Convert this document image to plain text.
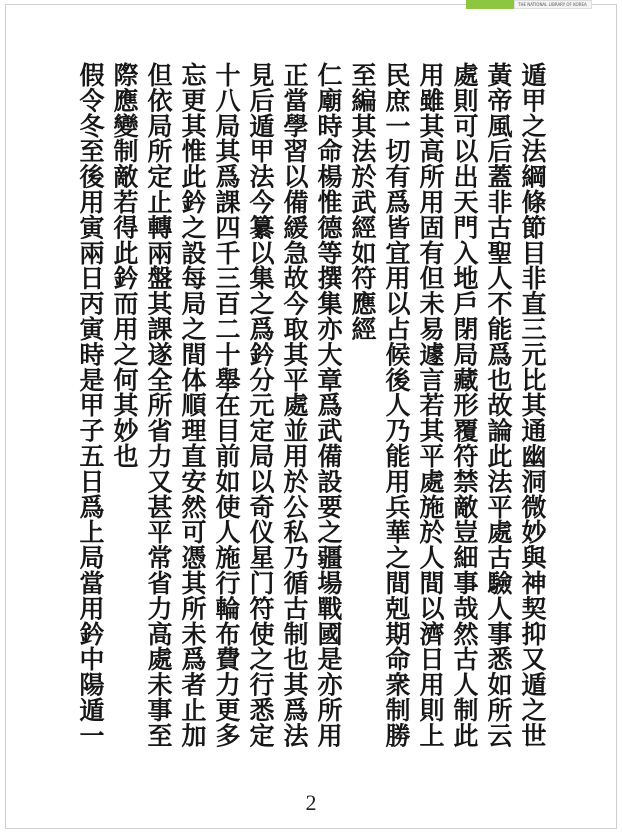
THE NATIONAL LIBRARY OF KOREA
遁甲之法綱條節目非直三元比其通幽洞微妙與神契抑又遁之世
黃帝風后蓋非古聖人不能爲也故論此法平處古驗人事悉如所云
處則可以出天門入地戶閉局藏形覆符禁敵豈細事哉然古人制此
用雖其高所用固有但未易遽言若其平處施於人間以濟日用則上
民庶一切有爲皆宜用以占候後人乃能用兵華之間剋期命衆制勝
至編其法於武經如符應經
仁廟時命楊惟德等撰集亦大章爲武備設要之疆場戰國是亦所用
正當學習以備緩急故今取其平處並用於公私乃循古制也其爲法
見后遁甲法今纂以集之爲鈐分元定局以奇仪星门符使之行悉定
十八局其爲課四千三百二十舉在目前如使人施行輪布費力更多
忘更其惟此鈐之設每局之間体順理直安然可憑其所未爲者止加
但依局所定止轉兩盤其課遂全所省力又甚平常省力高處未事至
際應變制敵若得此鈐而用之何其妙也
假令冬至後用寅兩日丙寅時是甲子五日爲上局當用鈐中陽遁一
2
